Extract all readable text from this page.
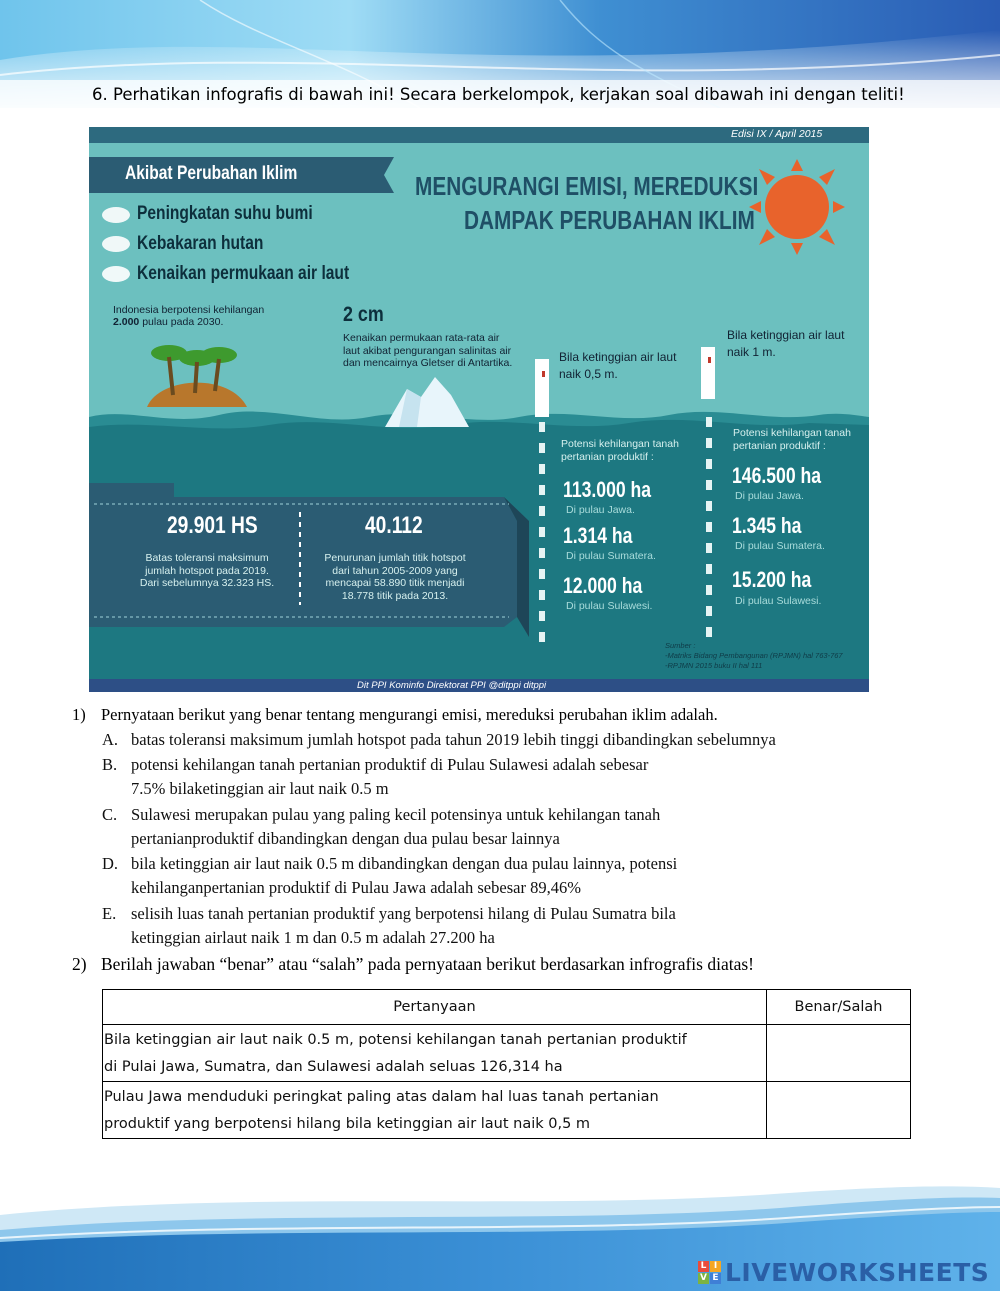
6. Perhatikan infografis di bawah ini! Secara berkelompok, kerjakan soal dibawah ini dengan teliti!
Edisi IX / April 2015
Akibat Perubahan Iklim
Peningkatan suhu bumi
Kebakaran hutan
Kenaikan permukaan air laut
MENGURANGI EMISI, MEREDUKSI
DAMPAK PERUBAHAN IKLIM
Indonesia berpotensi kehilangan
2.000 pulau pada 2030.	2 cm
Kenaikan permukaan rata-rata air
laut akibat pengurangan salinitas air
dan mencairnya Gletser di Antartika.	Bila ketinggian air laut
naik 0,5 m.
Bila ketinggian air laut
naik 1 m.
Potensi kehilangan tanah
pertanian produktif :
Potensi kehilangan tanah
pertanian produktif :
113.000 ha
Di pulau Jawa.
1.314 ha
Di pulau Sumatera.
12.000 ha
Di pulau Sulawesi.
146.500 ha
Di pulau Jawa.
1.345 ha
Di pulau Sumatera.
15.200 ha
Di pulau Sulawesi.
29.901 HS
Batas toleransi maksimum
jumlah hotspot pada 2019.
Dari sebelumnya 32.323 HS.
40.112
Penurunan jumlah titik hotspot
dari tahun 2005-2009 yang
mencapai 58.890 titik menjadi
18.778 titik pada 2013.
Sumber :
-Matriks Bidang Pembangunan (RPJMN) hal 763-767
-RPJMN 2015 buku II hal 111
Dit PPI Kominfo Direktorat PPI @ditppi ditppi
1) Pernyataan berikut yang benar tentang mengurangi emisi, mereduksi perubahan iklim adalah.
A. batas toleransi maksimum jumlah hotspot pada tahun 2019 lebih tinggi dibandingkan sebelumnya
B. potensi kehilangan tanah pertanian produktif di Pulau Sulawesi adalah sebesar
7.5% bilaketinggian air laut naik 0.5 m
C. Sulawesi merupakan pulau yang paling kecil potensinya untuk kehilangan tanah
pertanianproduktif dibandingkan dengan dua pulau besar lainnya
D. bila ketinggian air laut naik 0.5 m dibandingkan dengan dua pulau lainnya, potensi
kehilanganpertanian produktif di Pulau Jawa adalah sebesar 89,46%
E. selisih luas tanah pertanian produktif yang berpotensi hilang di Pulau Sumatra bila
ketinggian airlaut naik 1 m dan 0.5 m adalah 27.200 ha
2) Berilah jawaban “benar” atau “salah” pada pernyataan berikut berdasarkan infrografis diatas!
Pertanyaan	Benar/Salah
Bila ketinggian air laut naik 0.5 m, potensi kehilangan tanah pertanian produktif
di Pulai Jawa, Sumatra, dan Sulawesi adalah seluas 126,314 ha	
Pulau Jawa menduduki peringkat paling atas dalam hal luas tanah pertanian
produktif yang berpotensi hilang bila ketinggian air laut naik 0,5 m	
L I
V E LIVEWORKSHEETS
